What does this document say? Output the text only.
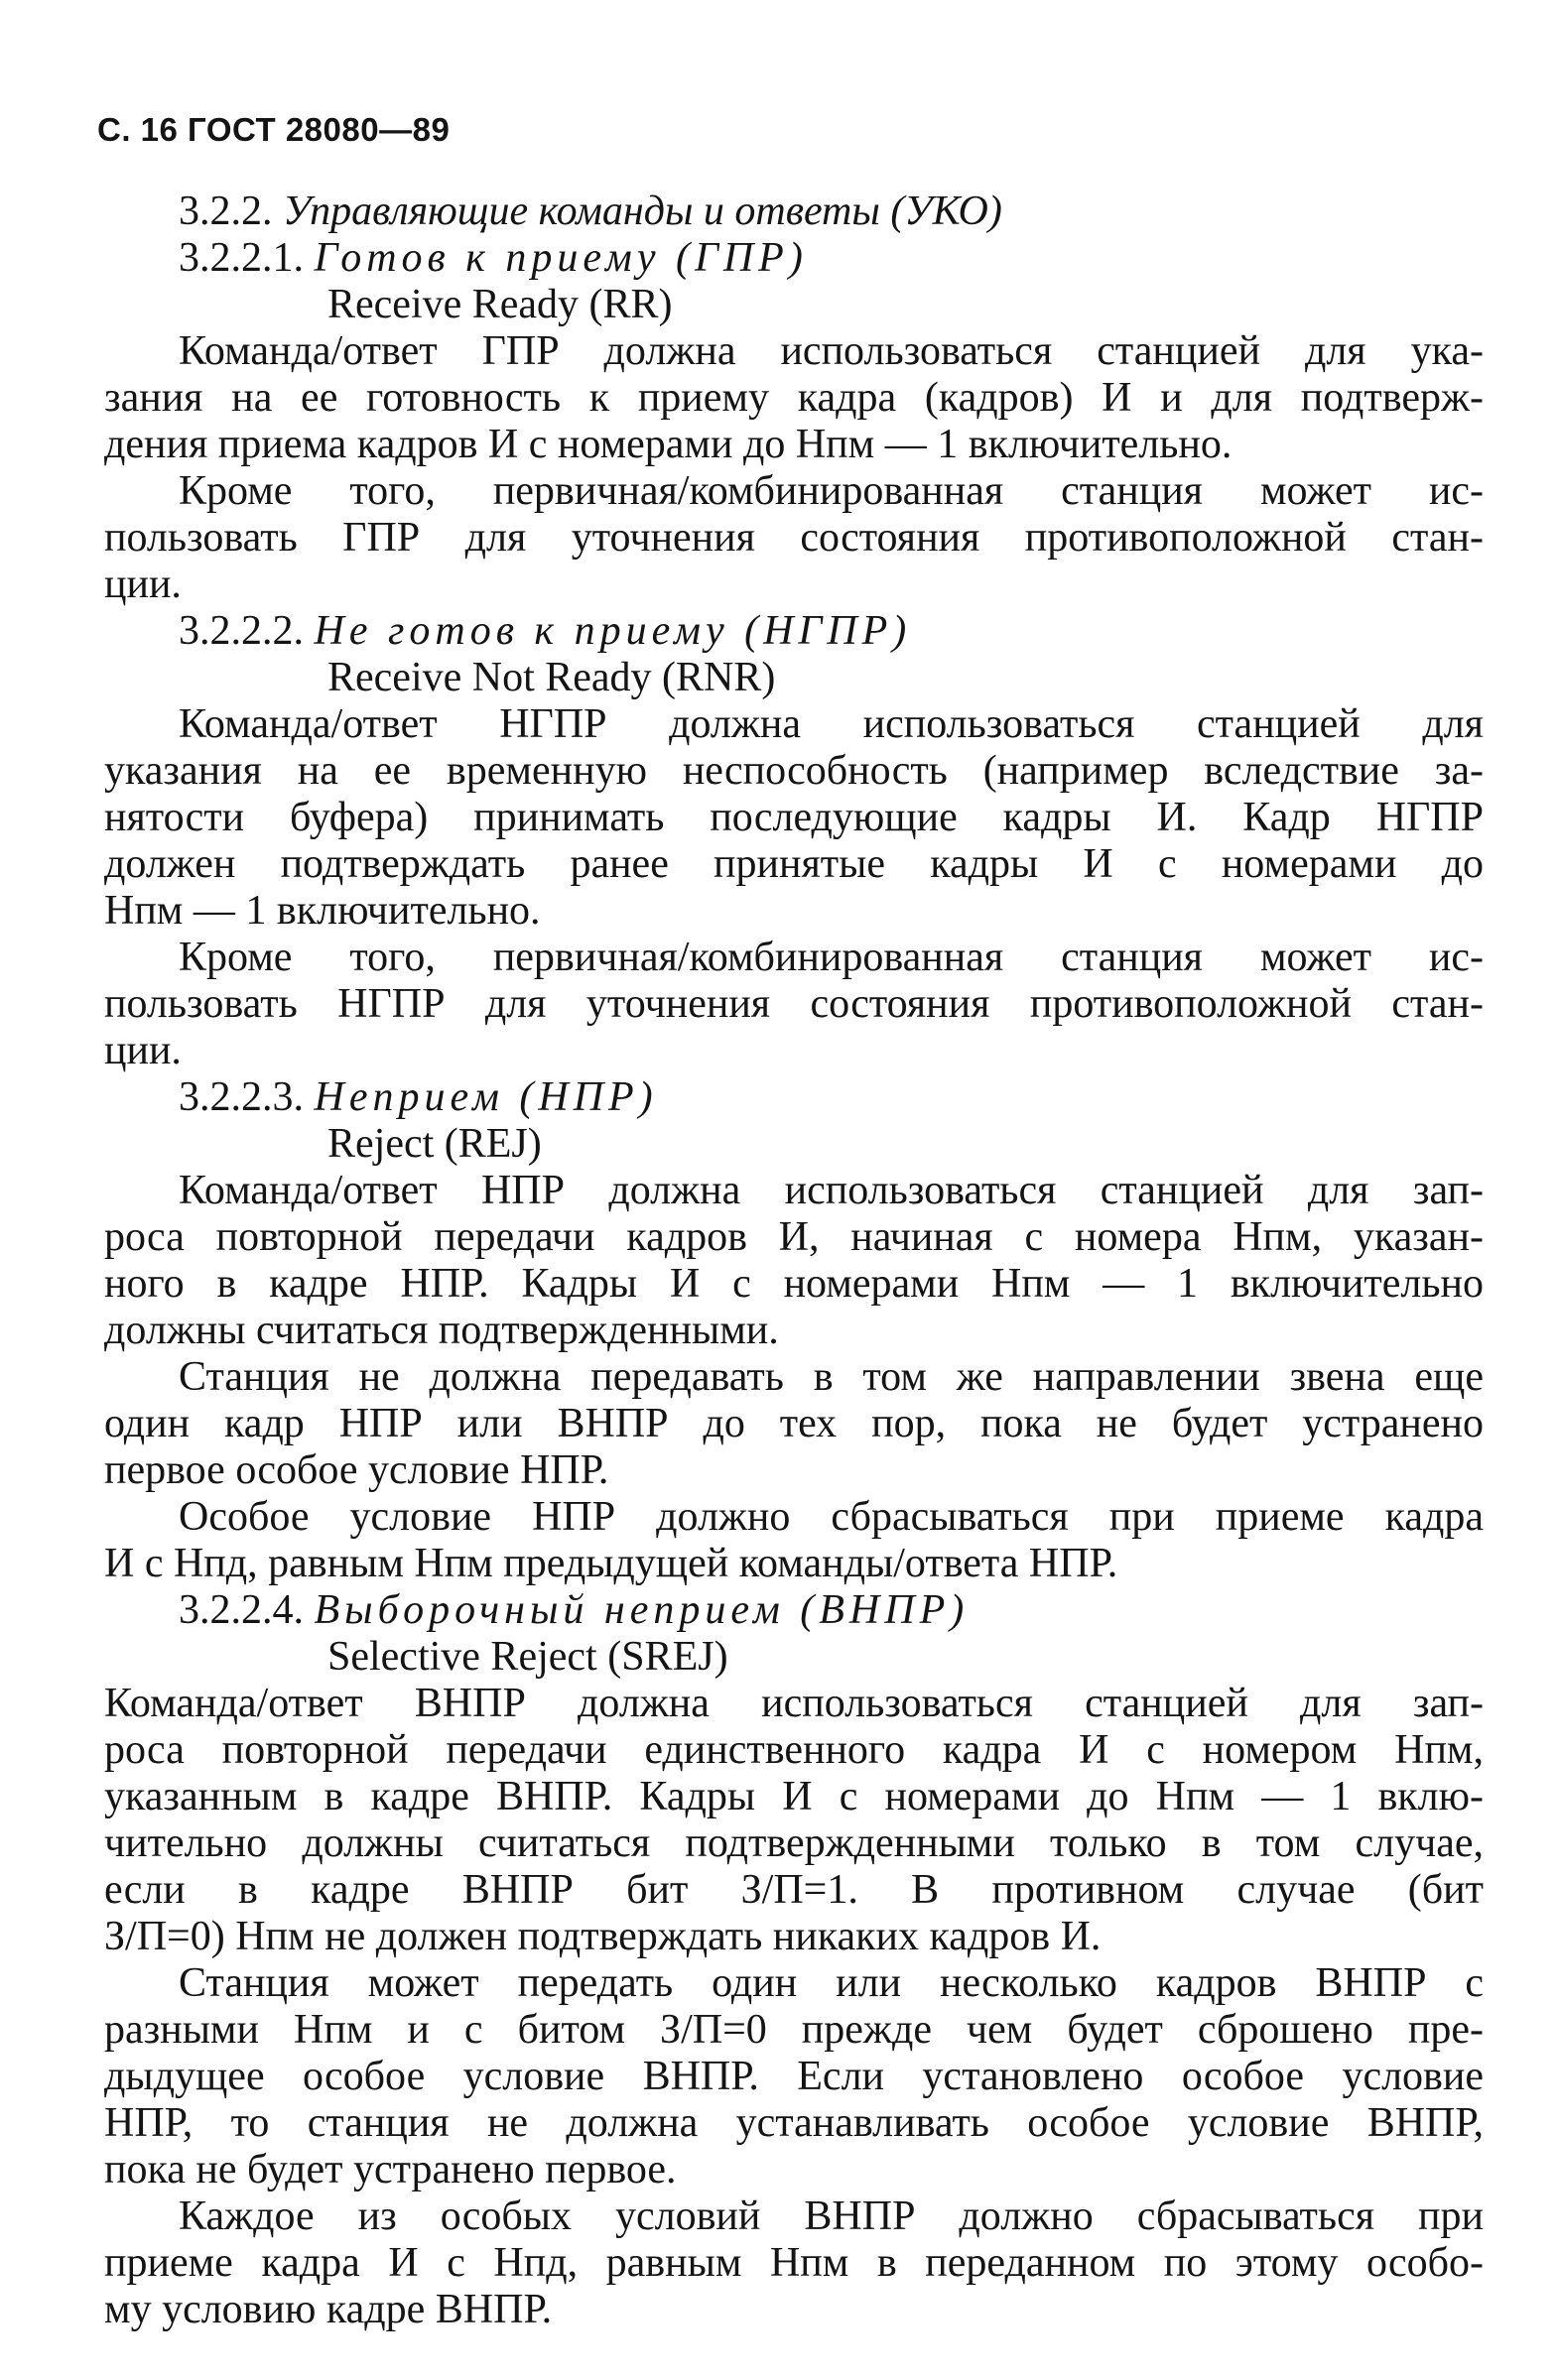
С. 16 ГОСТ 28080—89
3.2.2. Управляющие команды и ответы (УКО)
3.2.2.1. Готов к приему (ГПР)
Receive Ready (RR)
Команда/ответ ГПР должна использоваться станцией для ука-
зания на ее готовность к приему кадра (кадров) И и для подтверж-
дения приема кадров И с номерами до Нпм — 1 включительно.
Кроме того, первичная/комбинированная станция может ис-
пользовать ГПР для уточнения состояния противоположной стан-
ции.
3.2.2.2. Не готов к приему (НГПР)
Receive Not Ready (RNR)
Команда/ответ НГПР должна использоваться станцией для
указания на ее временную неспособность (например вследствие за-
нятости буфера) принимать последующие кадры И. Кадр НГПР
должен подтверждать ранее принятые кадры И с номерами до
Нпм — 1 включительно.
Кроме того, первичная/комбинированная станция может ис-
пользовать НГПР для уточнения состояния противоположной стан-
ции.
3.2.2.3. Неприем (НПР)
Reject (REJ)
Команда/ответ НПР должна использоваться станцией для зап-
роса повторной передачи кадров И, начиная с номера Нпм, указан-
ного в кадре НПР. Кадры И с номерами Нпм — 1 включительно
должны считаться подтвержденными.
Станция не должна передавать в том же направлении звена еще
один кадр НПР или ВНПР до тех пор, пока не будет устранено
первое особое условие НПР.
Особое условие НПР должно сбрасываться при приеме кадра
И с Нпд, равным Нпм предыдущей команды/ответа НПР.
3.2.2.4. Выборочный неприем (ВНПР)
Selective Reject (SREJ)
Команда/ответ ВНПР должна использоваться станцией для зап-
роса повторной передачи единственного кадра И с номером Нпм,
указанным в кадре ВНПР. Кадры И с номерами до Нпм — 1 вклю-
чительно должны считаться подтвержденными только в том случае,
если в кадре ВНПР бит З/П=1. В противном случае (бит
З/П=0) Нпм не должен подтверждать никаких кадров И.
Станция может передать один или несколько кадров ВНПР с
разными Нпм и с битом З/П=0 прежде чем будет сброшено пре-
дыдущее особое условие ВНПР. Если установлено особое условие
НПР, то станция не должна устанавливать особое условие ВНПР,
пока не будет устранено первое.
Каждое из особых условий ВНПР должно сбрасываться при
приеме кадра И с Нпд, равным Нпм в переданном по этому особо-
му условию кадре ВНПР.
